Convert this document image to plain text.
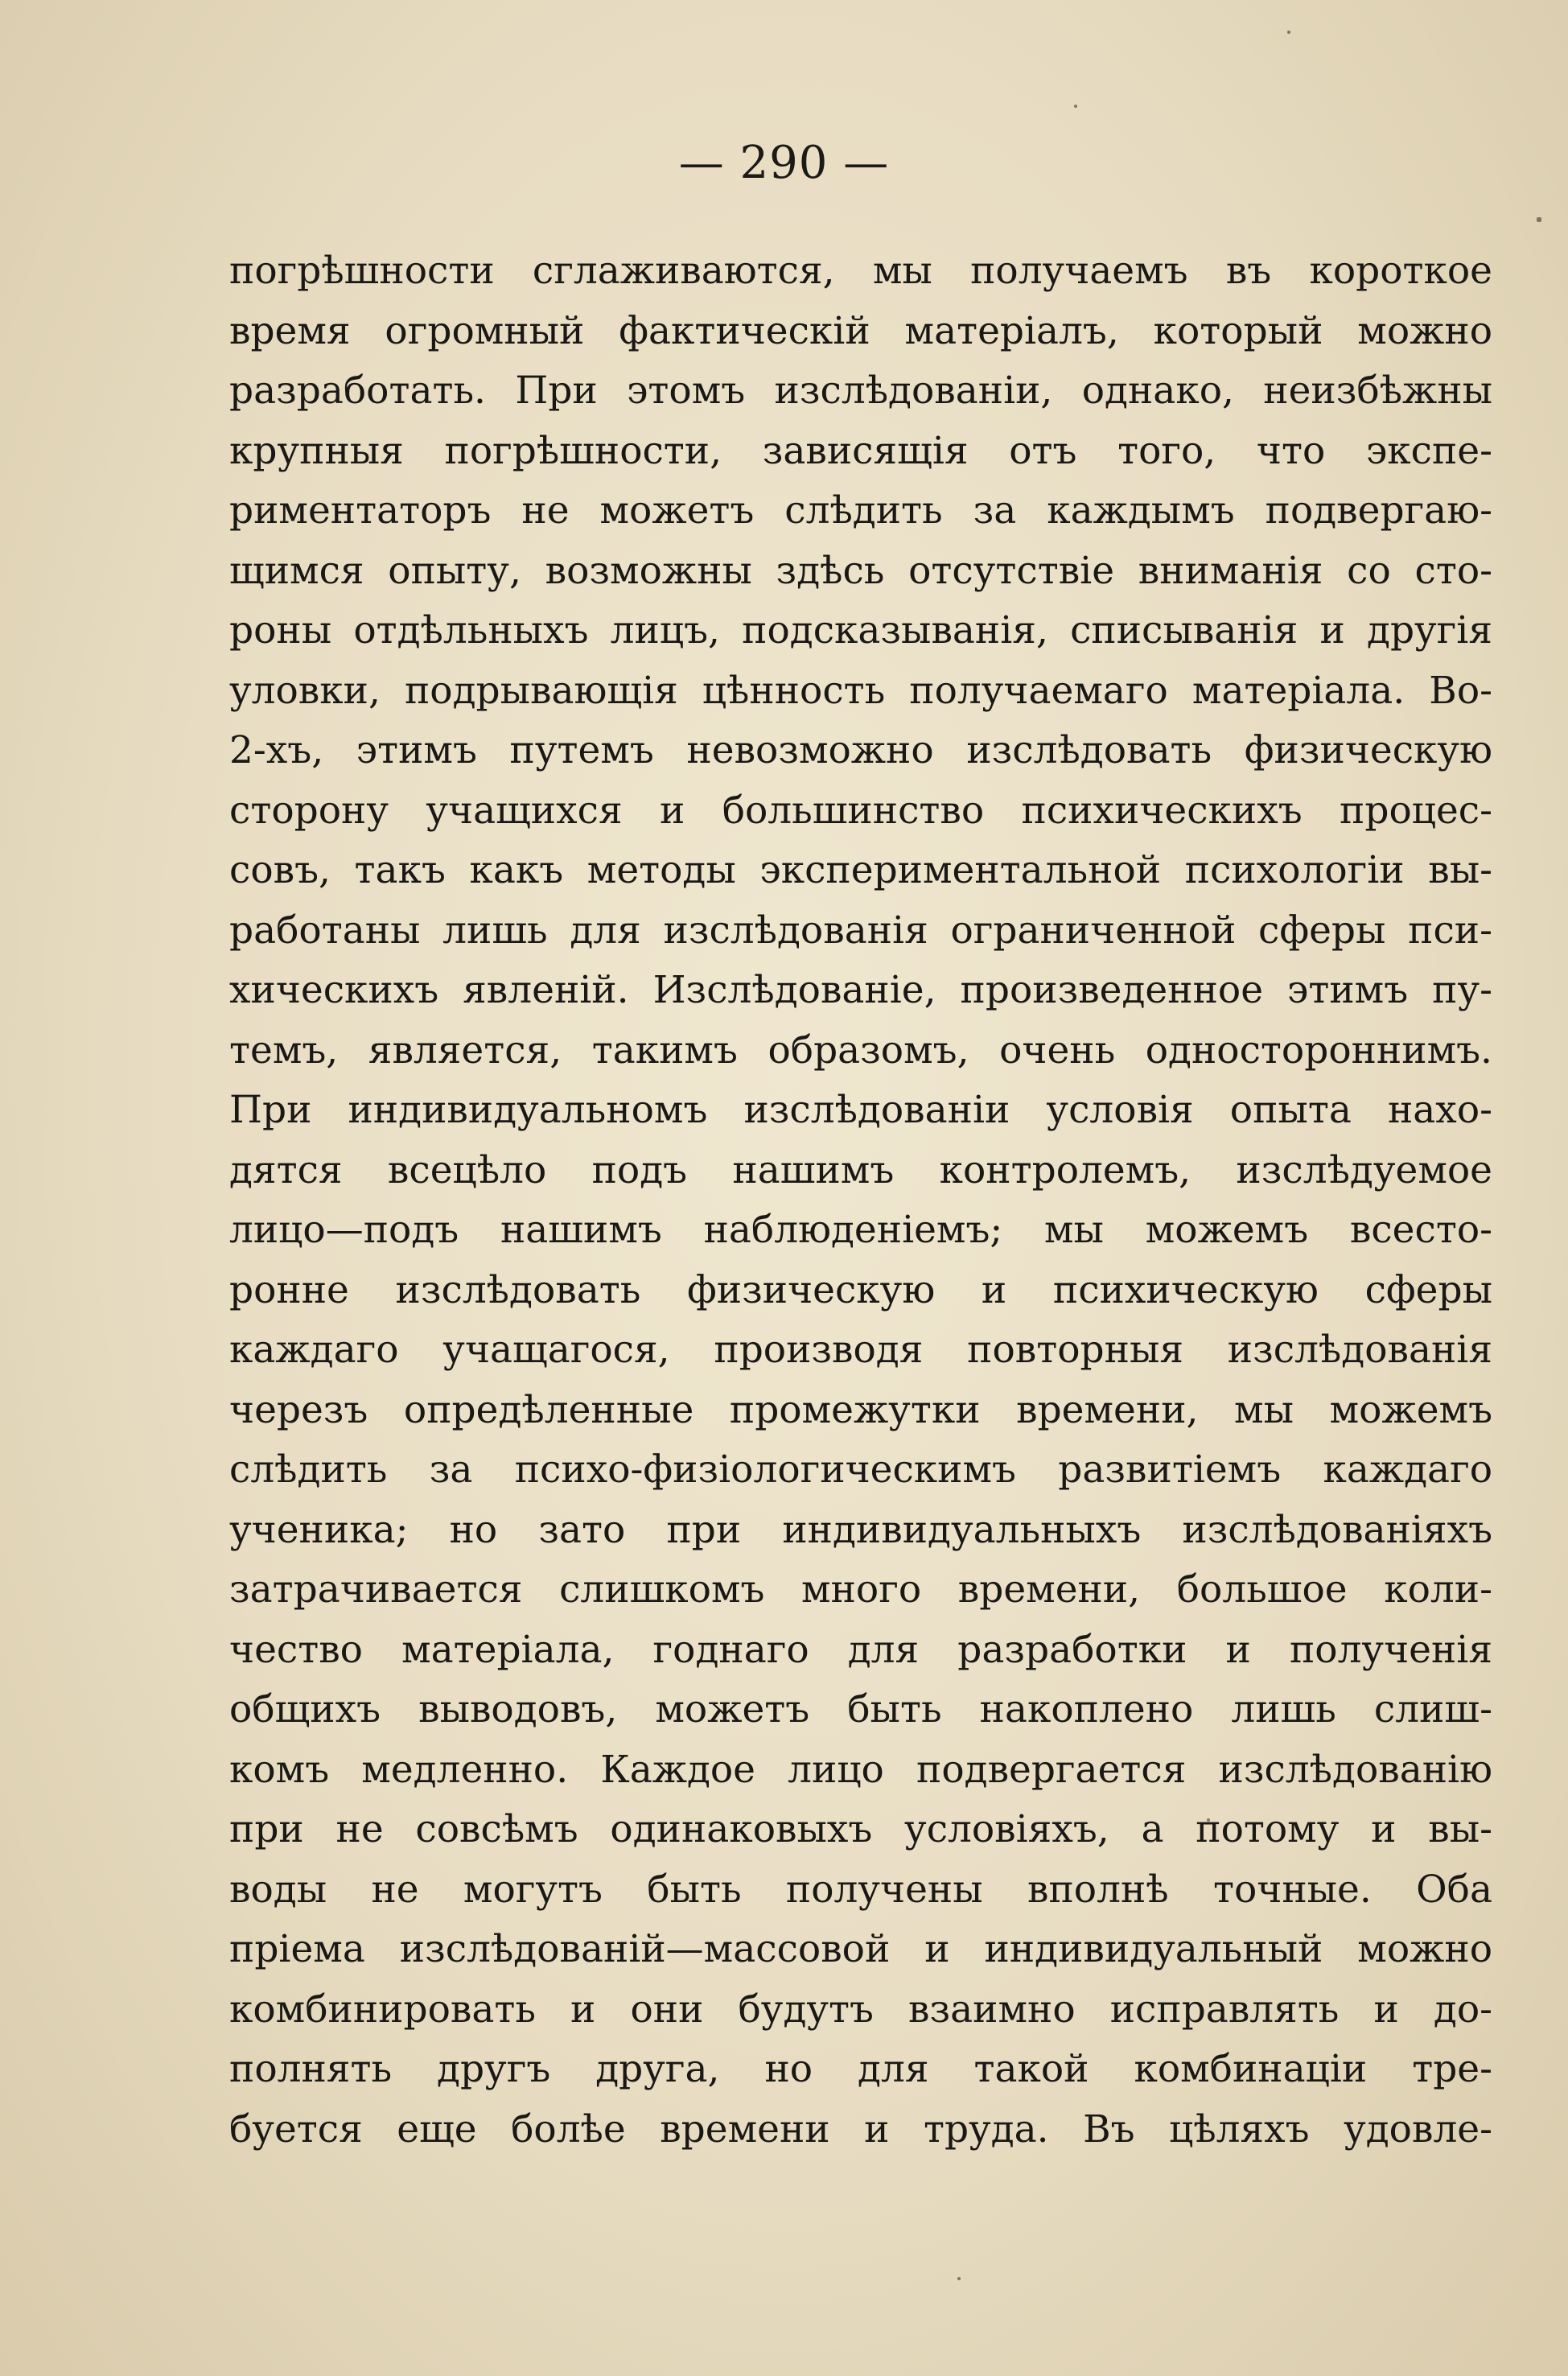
— 290 —
погрѣшности сглаживаются, мы получаемъ въ короткое
время огромный фактическій матеріалъ, который можно
разработать. При этомъ изслѣдованіи, однако, неизбѣжны
крупныя погрѣшности, зависящія отъ того, что экспе-
риментаторъ не можетъ слѣдить за каждымъ подвергаю-
щимся опыту, возможны здѣсь отсутствіе вниманія со сто-
роны отдѣльныхъ лицъ, подсказыванія, списыванія и другія
уловки, подрывающія цѣнность получаемаго матеріала. Во-
2-хъ, этимъ путемъ невозможно изслѣдовать физическую
сторону учащихся и большинство психическихъ процес-
совъ, такъ какъ методы экспериментальной психологіи вы-
работаны лишь для изслѣдованія ограниченной сферы пси-
хическихъ явленій. Изслѣдованіе, произведенное этимъ пу-
темъ, является, такимъ образомъ, очень одностороннимъ.
При индивидуальномъ изслѣдованіи условія опыта нахо-
дятся всецѣло подъ нашимъ контролемъ, изслѣдуемое
лицо—подъ нашимъ наблюденіемъ; мы можемъ всесто-
ронне изслѣдовать физическую и психическую сферы
каждаго учащагося, производя повторныя изслѣдованія
черезъ опредѣленные промежутки времени, мы можемъ
слѣдить за психо-физіологическимъ развитіемъ каждаго
ученика; но зато при индивидуальныхъ изслѣдованіяхъ
затрачивается слишкомъ много времени, большое коли-
чество матеріала, годнаго для разработки и полученія
общихъ выводовъ, можетъ быть накоплено лишь слиш-
комъ медленно. Каждое лицо подвергается изслѣдованію
при не совсѣмъ одинаковыхъ условіяхъ, а потому и вы-
воды не могутъ быть получены вполнѣ точные. Оба
пріема изслѣдованій—массовой и индивидуальный можно
комбинировать и они будутъ взаимно исправлять и до-
полнять другъ друга, но для такой комбинаціи тре-
буется еще болѣе времени и труда. Въ цѣляхъ удовле-
